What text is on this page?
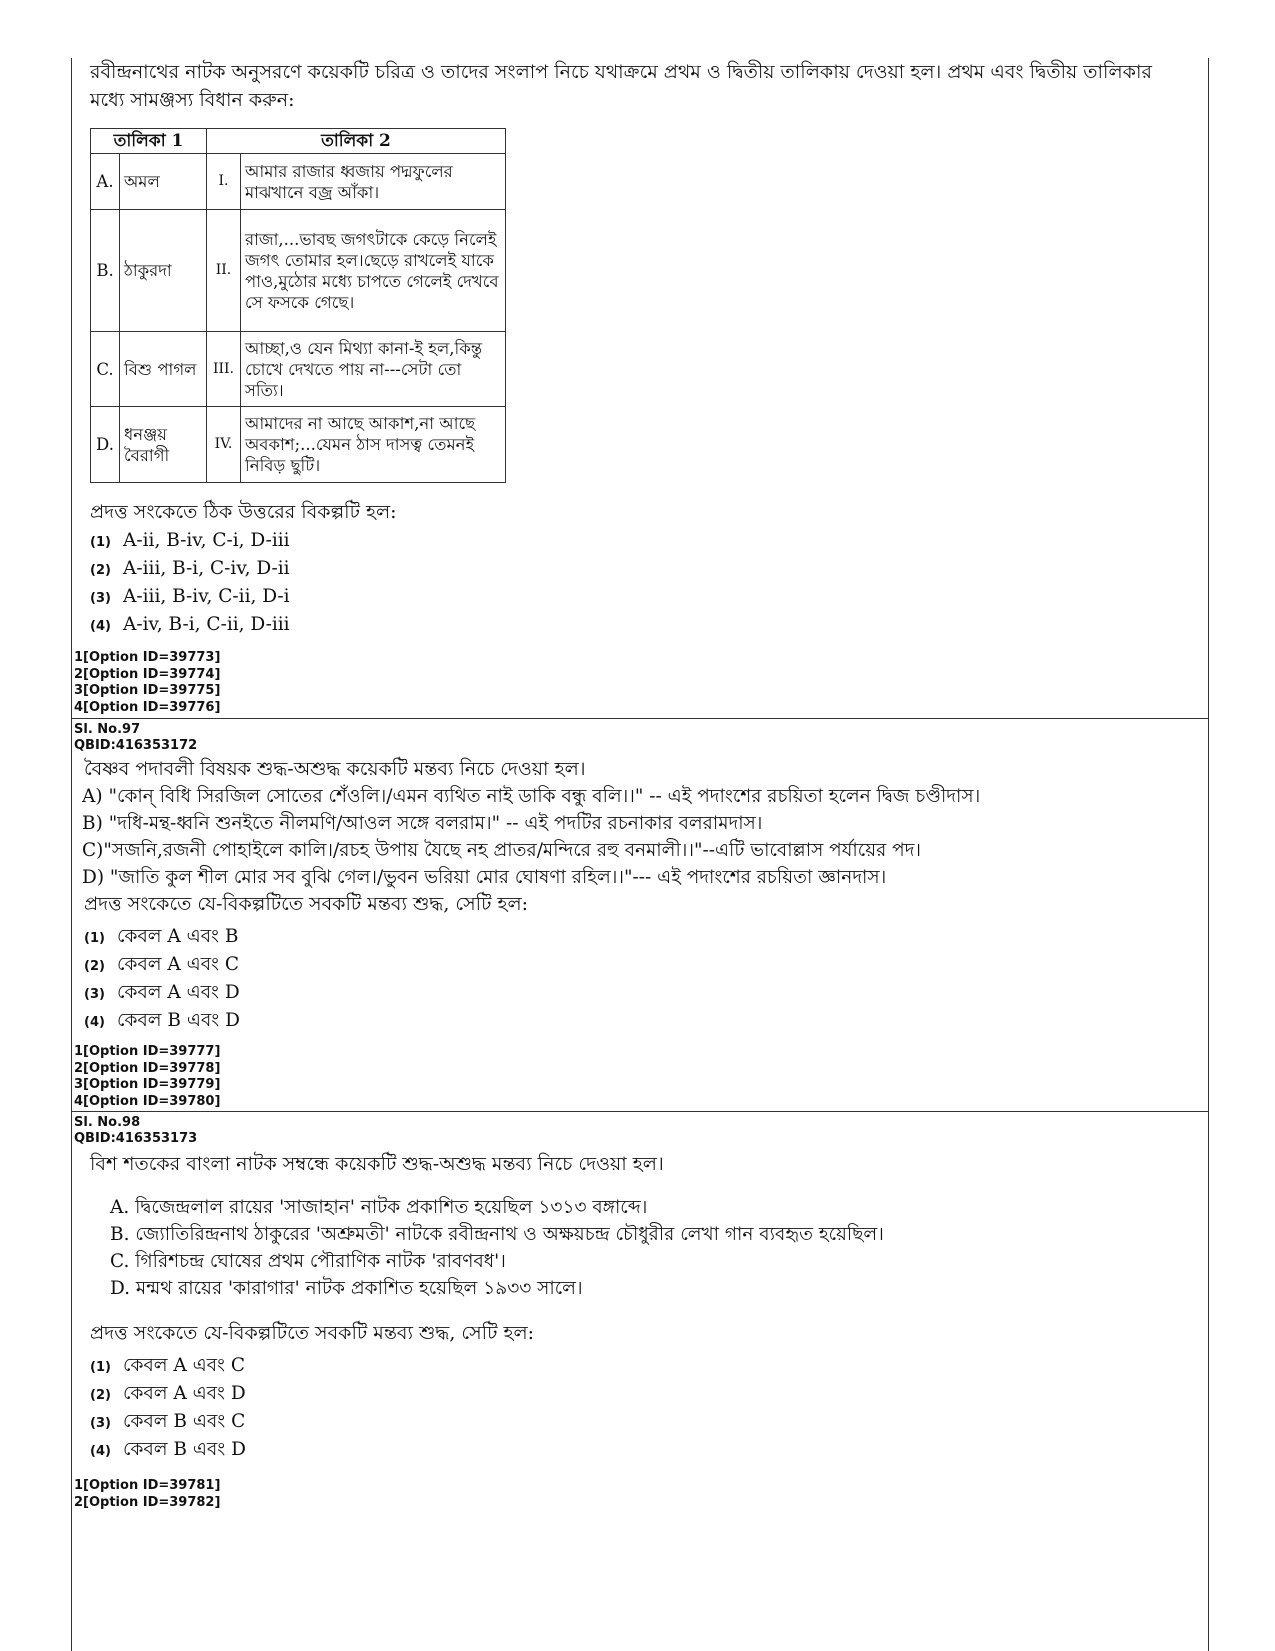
রবীন্দ্রনাথের নাটক অনুসরণে কয়েকটি চরিত্র ও তাদের সংলাপ নিচে যথাক্রমে প্রথম ও দ্বিতীয় তালিকায় দেওয়া হল। প্রথম এবং দ্বিতীয় তালিকার মধ্যে সামঞ্জস্য বিধান করুন:
তালিকা 1		তালিকা 2	
A.	অমল	I.	আমার রাজার ধ্বজায় পদ্মফুলের মাঝখানে বজ্র আঁকা।
B.	ঠাকুরদা	II.	রাজা,...ভাবছ জগৎটাকে কেড়ে নিলেই জগৎ তোমার হল।ছেড়ে রাখলেই যাকে পাও,মুঠোর মধ্যে চাপতে গেলেই দেখবে সে ফসকে গেছে।
C.	বিশু পাগল	III.	আচ্ছা,ও যেন মিথ্যা কানা-ই হল,কিন্তু চোখে দেখতে পায় না---সেটা তো সত্যি।
D.	ধনঞ্জয় বৈরাগী	IV.	আমাদের না আছে আকাশ,না আছে অবকাশ;...যেমন ঠাস দাসত্ব তেমনই নিবিড় ছুটি।
প্রদত্ত সংকেতে ঠিক উত্তরের বিকল্পটি হল:
(1) A-ii, B-iv, C-i, D-iii
(2) A-iii, B-i, C-iv, D-ii
(3) A-iii, B-iv, C-ii, D-i
(4) A-iv, B-i, C-ii, D-iii
1[Option ID=39773]
2[Option ID=39774]
3[Option ID=39775]
4[Option ID=39776]
Sl. No.97
QBID:416353172
বৈষ্ণব পদাবলী বিষয়ক শুদ্ধ-অশুদ্ধ কয়েকটি মন্তব্য নিচে দেওয়া হল।
A) "কোন্‌ বিধি সিরজিল সোতের শেঁওলি।/এমন ব্যথিত নাই ডাকি বন্ধু বলি।।" -- এই পদাংশের রচয়িতা হলেন দ্বিজ চণ্ডীদাস।
B) "দধি-মন্থ-ধ্বনি শুনইতে নীলমণি/আওল সঙ্গে বলরাম।" -- এই পদটির রচনাকার বলরামদাস।
C)"সজনি,রজনী পোহাইলে কালি।/রচহ উপায় যৈছে নহ প্রাতর/মন্দিরে রহু বনমালী।।"--এটি ভাবোল্লাস পর্যায়ের পদ।
D) "জাতি কুল শীল মোর সব বুঝি গেল।/ভুবন ভরিয়া মোর ঘোষণা রহিল।।"--- এই পদাংশের রচয়িতা জ্ঞানদাস।
প্রদত্ত সংকেতে যে-বিকল্পটিতে সবকটি মন্তব্য শুদ্ধ, সেটি হল:
(1) কেবল A এবং B
(2) কেবল A এবং C
(3) কেবল A এবং D
(4) কেবল B এবং D
1[Option ID=39777]
2[Option ID=39778]
3[Option ID=39779]
4[Option ID=39780]
Sl. No.98
QBID:416353173
বিশ শতকের বাংলা নাটক সম্বন্ধে কয়েকটি শুদ্ধ-অশুদ্ধ মন্তব্য নিচে দেওয়া হল।
A. দ্বিজেন্দ্রলাল রায়ের 'সাজাহান' নাটক প্রকাশিত হয়েছিল ১৩১৩ বঙ্গাব্দে।
B. জ্যোতিরিন্দ্রনাথ ঠাকুরের 'অশ্রুমতী' নাটকে রবীন্দ্রনাথ ও অক্ষয়চন্দ্র চৌধুরীর লেখা গান ব্যবহৃত হয়েছিল।
C. গিরিশচন্দ্র ঘোষের প্রথম পৌরাণিক নাটক 'রাবণবধ'।
D. মন্মথ রায়ের 'কারাগার' নাটক প্রকাশিত হয়েছিল ১৯৩৩ সালে।
প্রদত্ত সংকেতে যে-বিকল্পটিতে সবকটি মন্তব্য শুদ্ধ, সেটি হল:
(1) কেবল A এবং C
(2) কেবল A এবং D
(3) কেবল B এবং C
(4) কেবল B এবং D
1[Option ID=39781]
2[Option ID=39782]
